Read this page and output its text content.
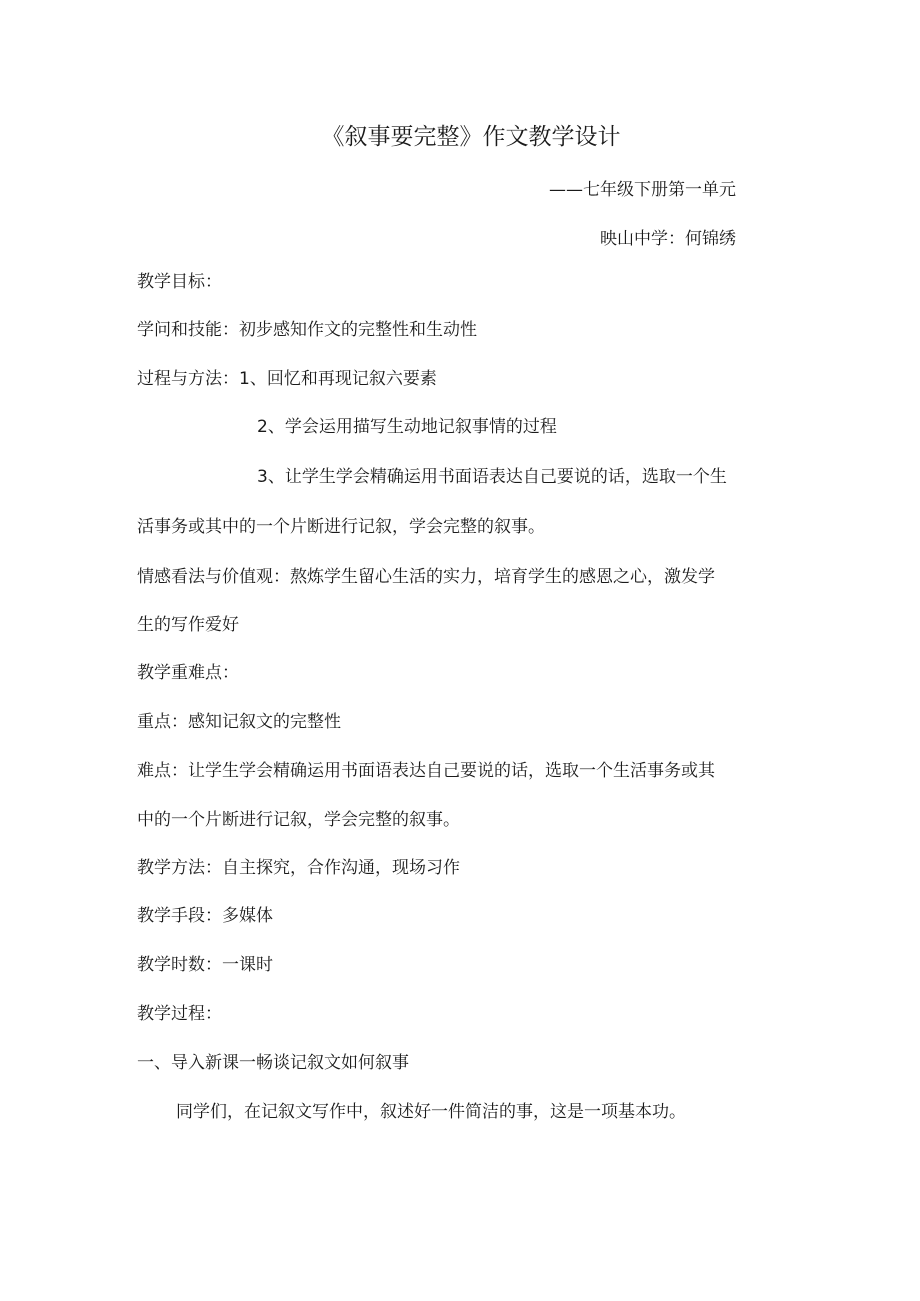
《叙事要完整》作文教学设计
——七年级下册第一单元
映山中学：何锦绣
教学目标：
学问和技能：初步感知作文的完整性和生动性
过程与方法：1、回忆和再现记叙六要素
2、学会运用描写生动地记叙事情的过程
3、让学生学会精确运用书面语表达自己要说的话，选取一个生
活事务或其中的一个片断进行记叙，学会完整的叙事。
情感看法与价值观：熬炼学生留心生活的实力，培育学生的感恩之心，激发学
生的写作爱好
教学重难点：
重点：感知记叙文的完整性
难点：让学生学会精确运用书面语表达自己要说的话，选取一个生活事务或其
中的一个片断进行记叙，学会完整的叙事。
教学方法：自主探究，合作沟通，现场习作
教学手段：多媒体
教学时数：一课时
教学过程：
一、导入新课一畅谈记叙文如何叙事
同学们，在记叙文写作中，叙述好一件简洁的事，这是一项基本功。
